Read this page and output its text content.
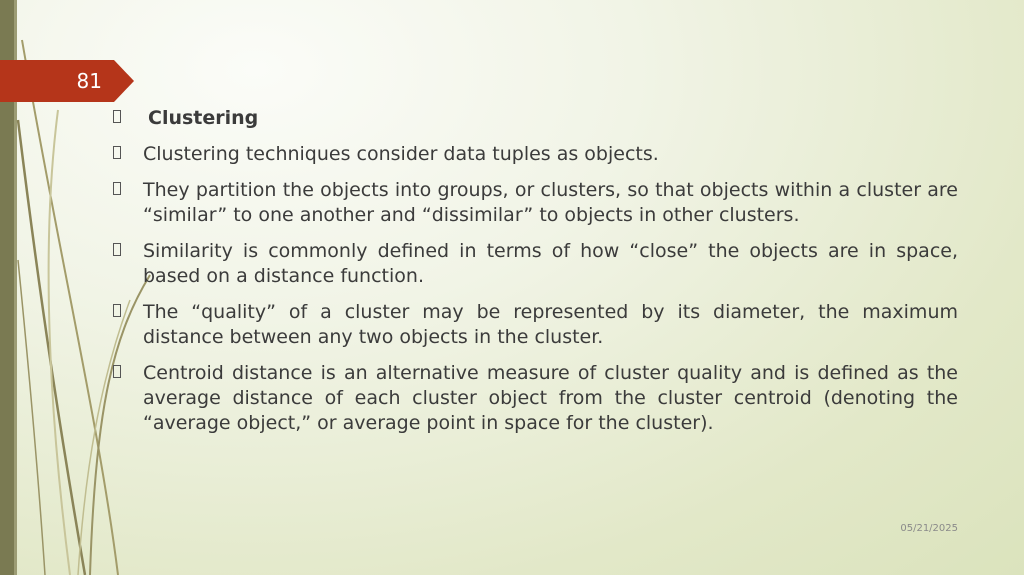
81
Clustering
Clustering techniques consider data tuples as objects.
They partition the objects into groups, or clusters, so that objects within a cluster are “similar” to one another and “dissimilar” to objects in other clusters.
Similarity is commonly defined in terms of how “close” the objects are in space, based on a distance function.
The “quality” of a cluster may be represented by its diameter, the maximum distance between any two objects in the cluster.
Centroid distance is an alternative measure of cluster quality and is defined as the average distance of each cluster object from the cluster centroid (denoting the “average object,” or average point in space for the cluster).
05/21/2025
